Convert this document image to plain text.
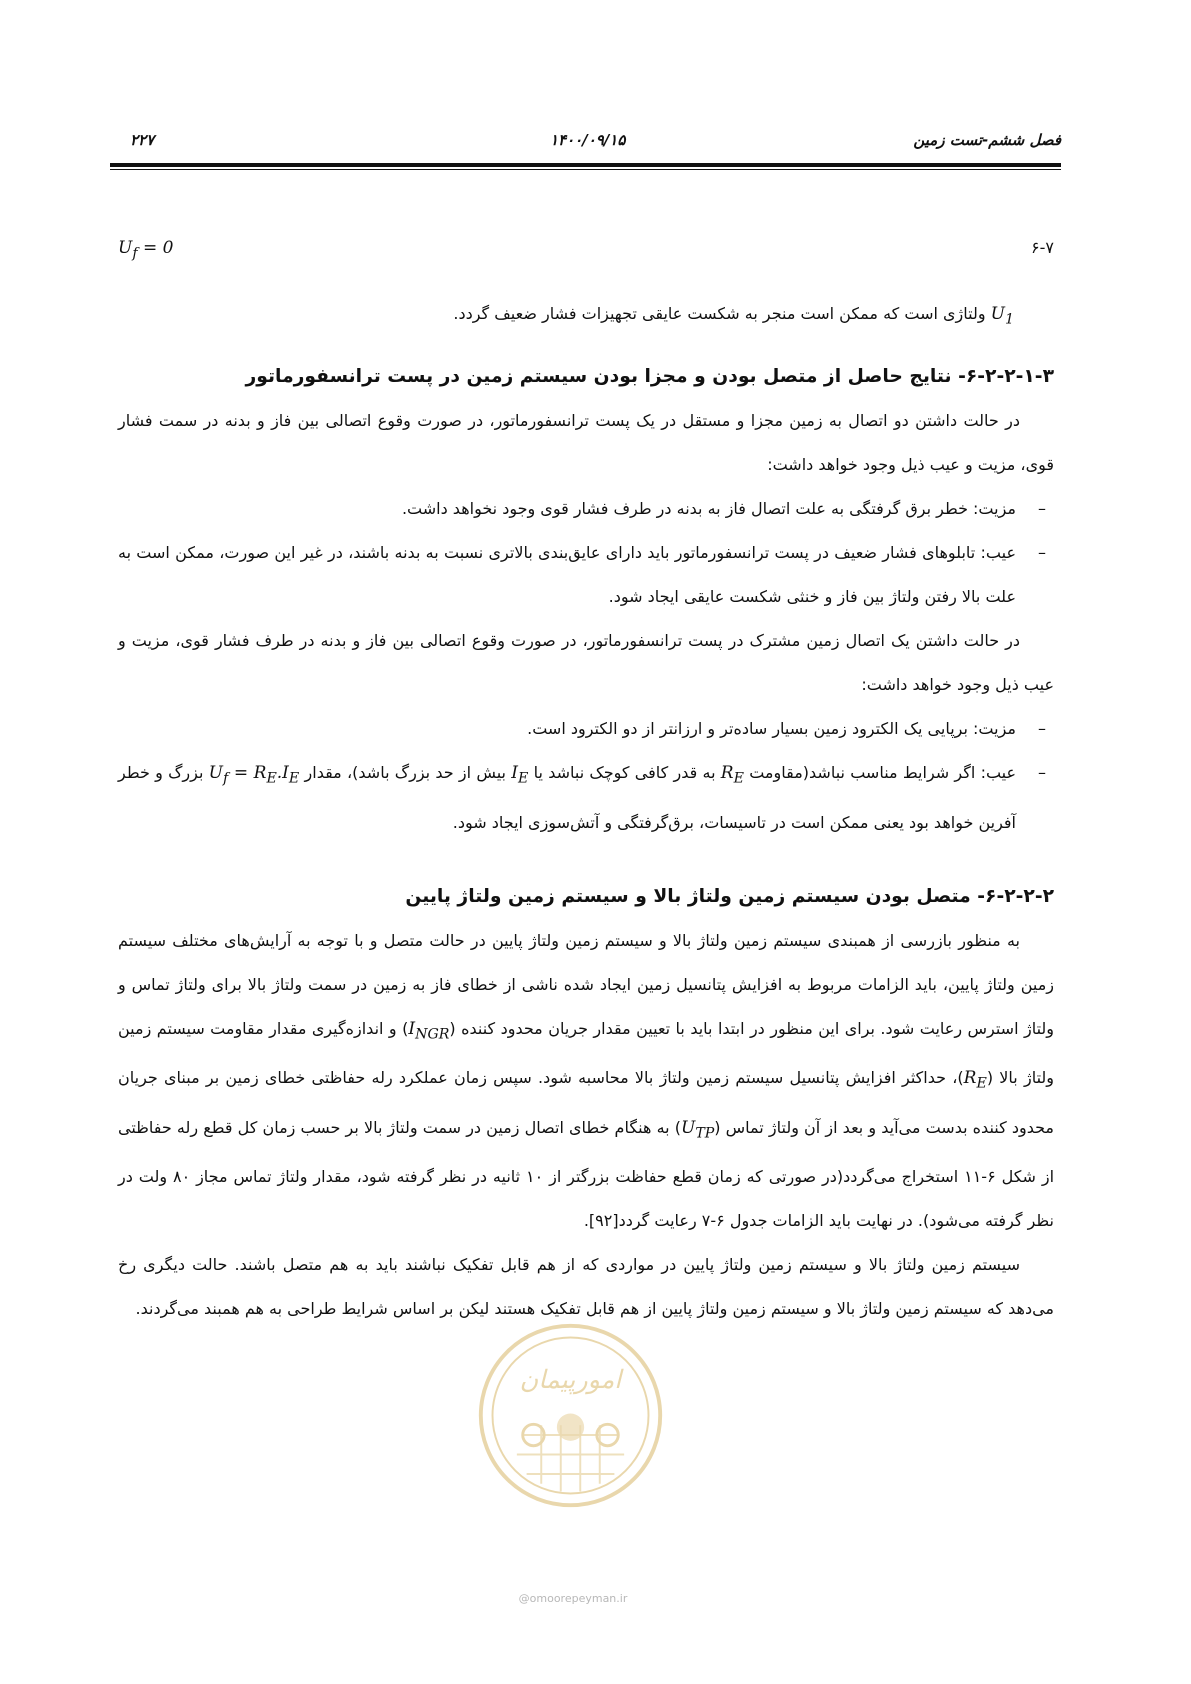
فصل ششم-تست زمین
۱۴۰۰/۰۹/۱۵
۲۲۷
۶-۷
$U_f = 0$

$U_1$ ولتاژی است که ممکن است منجر به شکست عایقی تجهیزات فشار ضعیف گردد.

۶-۲-۲-۱-۳- نتایج حاصل از متصل بودن و مجزا بودن سیستم زمین در پست ترانسفورماتور

در حالت داشتن دو اتصال به زمین مجزا و مستقل در یک پست ترانسفورماتور، در صورت وقوع اتصالی بین فاز و بدنه در سمت فشار قوی، مزیت و عیب ذیل وجود خواهد داشت:

–
مزیت: خطر برق گرفتگی به علت اتصال فاز به بدنه در طرف فشار قوی وجود نخواهد داشت.
–
عیب: تابلوهای فشار ضعیف در پست ترانسفورماتور باید دارای عایق‌بندی بالاتری نسبت به بدنه باشند، در غیر این صورت، ممکن است به علت بالا رفتن ولتاژ بین فاز و خنثی شکست عایقی ایجاد شود.

در حالت داشتن یک اتصال زمین مشترک در پست ترانسفورماتور، در صورت وقوع اتصالی بین فاز و بدنه در طرف فشار قوی، مزیت و عیب ذیل وجود خواهد داشت:

–
مزیت: برپایی یک الکترود زمین بسیار ساده‌تر و ارزانتر از دو الکترود است.
–
عیب: اگر شرایط مناسب نباشد(مقاومت $R_E$ به قدر کافی کوچک نباشد یا $I_E$ بیش از حد بزرگ باشد)، مقدار $U_f = R_E.I_E$ بزرگ و خطر آفرین خواهد بود یعنی ممکن است در تاسیسات، برق‌گرفتگی و آتش‌سوزی ایجاد شود.
۶-۲-۲-۲- متصل بودن سیستم زمین ولتاژ بالا و سیستم زمین ولتاژ پایین

به منظور بازرسی از همبندی سیستم زمین ولتاژ بالا و سیستم زمین ولتاژ پایین در حالت متصل و با توجه به آرایش‌های مختلف سیستم زمین ولتاژ پایین، باید الزامات مربوط به افزایش پتانسیل زمین ایجاد شده ناشی از خطای فاز به زمین در سمت ولتاژ بالا برای ولتاژ تماس و ولتاژ استرس رعایت شود. برای این منظور در ابتدا باید با تعیین مقدار جریان محدود کننده $(I_{NGR})$ و اندازه‌گیری مقدار مقاومت سیستم زمین ولتاژ بالا $(R_E)،$ حداکثر افزایش پتانسیل سیستم زمین ولتاژ بالا محاسبه شود. سپس زمان عملکرد رله حفاظتی خطای زمین بر مبنای جریان محدود کننده بدست می‌آید و بعد از آن ولتاژ تماس $(U_{TP})$ به هنگام خطای اتصال زمین در سمت ولتاژ بالا بر حسب زمان کل قطع رله حفاظتی از شکل ۶-۱۱ استخراج می‌گردد(در صورتی که زمان قطع حفاظت بزرگتر از ۱۰ ثانیه در نظر گرفته شود، مقدار ولتاژ تماس مجاز ۸۰ ولت در نظر گرفته می‌شود). در نهایت باید الزامات جدول ۶-۷ رعایت گردد[۹۲].

سیستم زمین ولتاژ بالا و سیستم زمین ولتاژ پایین در مواردی که از هم قابل تفکیک نباشند باید به هم متصل باشند. حالت دیگری رخ می‌دهد که سیستم زمین ولتاژ بالا و سیستم زمین ولتاژ پایین از هم قابل تفکیک هستند لیکن بر اساس شرایط طراحی به هم همبند می‌گردند.

امورپیمان
@omoorepeyman.ir
